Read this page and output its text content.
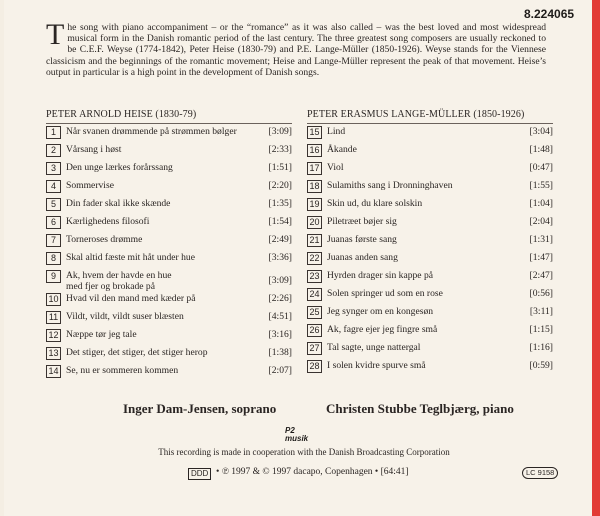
8.224065
The song with piano accompaniment – or the “romance” as it was also called – was the best loved and most widespread musical form in the Danish romantic period of the last century. The three greatest song composers are usually reckoned to be C.E.F. Weyse (1774-1842), Peter Heise (1830-79) and P.E. Lange-Müller (1850-1926). Weyse stands for the Viennese classicism and the beginnings of the romantic movement; Heise and Lange-Müller represent the peak of that movement. Heise’s output in particular is a high point in the development of Danish songs.
PETER ARNOLD HEISE (1830-79)	PETER ERASMUS LANGE-MÜLLER (1850-1926)
1	Når svanen drømmende på strømmen bølger	[3:09]
2	Vårsang i høst	[2:33]
3	Den unge lærkes forårssang	[1:51]
4	Sommervise	[2:20]
5	Din fader skal ikke skænde	[1:35]
6	Kærlighedens filosofi	[1:54]
7	Torneroses drømme	[2:49]
8	Skal altid fæste mit håt under hue	[3:36]
9	Ak, hvem der havde en hue
med fjer og brokade på
[3:09]
10 Hvad vil den mand med kæder på	[2:26]
11 Vildt, vildt, vildt suser blæsten	[4:51]
12 Næppe tør jeg tale	[3:16]
13 Det stiger, det stiger, det stiger herop	[1:38]
14 Se, nu er sommeren kommen	[2:07]
15 Lind	[3:04]
16 Åkande	[1:48]
17 Viol	[0:47]
18 Sulamiths sang i Dronninghaven	[1:55]
19 Skin ud, du klare solskin	[1:04]
20 Piletræet bøjer sig	[2:04]
21 Juanas første sang	[1:31]
22 Juanas anden sang	[1:47]
23 Hyrden drager sin kappe på	[2:47]
24 Solen springer ud som en rose	[0:56]
25 Jeg synger om en kongesøn	[3:11]
26 Ak, fagre ejer jeg fingre små	[1:15]
27 Tal sagte, unge nattergal	[1:16]
28 I solen kvidre spurve små	[0:59]
Inger Dam-Jensen, soprano	Christen Stubbe Teglbjærg, piano
P2
musik
This recording is made in cooperation with the Danish Broadcasting Corporation
DDD • ℗ 1997 & © 1997 dacapo, Copenhagen • [64:41]	LC 9158
